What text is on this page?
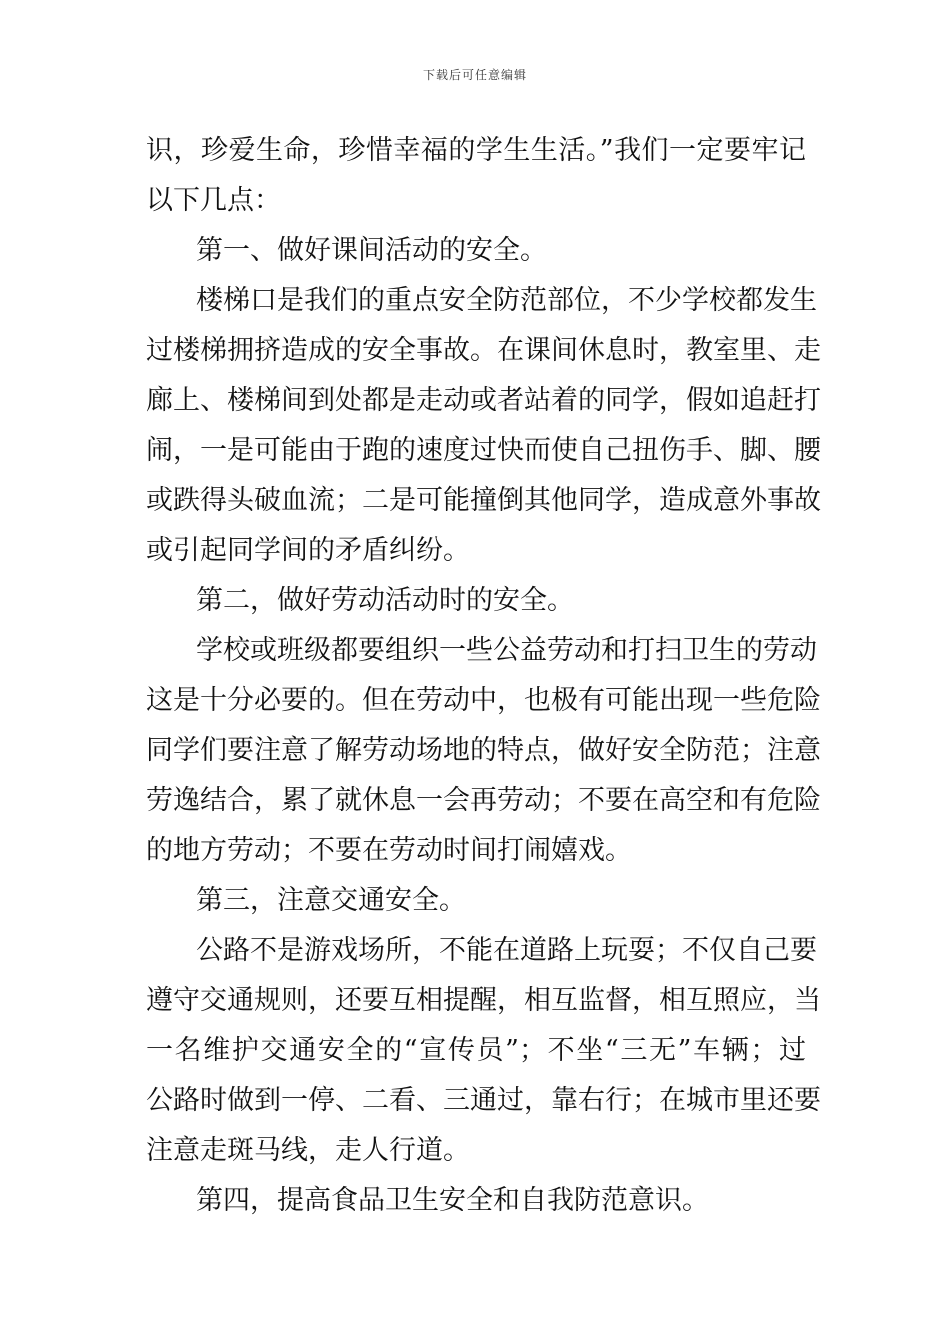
下载后可任意编辑
识，珍爱生命，珍惜幸福的学生生活。”我们一定要牢记
以下几点：
第一、做好课间活动的安全。
楼梯口是我们的重点安全防范部位，不少学校都发生
过楼梯拥挤造成的安全事故。在课间休息时，教室里、走
廊上、楼梯间到处都是走动或者站着的同学，假如追赶打
闹，一是可能由于跑的速度过快而使自己扭伤手、脚、腰
或跌得头破血流；二是可能撞倒其他同学，造成意外事故
或引起同学间的矛盾纠纷。
第二，做好劳动活动时的安全。
学校或班级都要组织一些公益劳动和打扫卫生的劳动
这是十分必要的。但在劳动中，也极有可能出现一些危险
同学们要注意了解劳动场地的特点，做好安全防范；注意
劳逸结合，累了就休息一会再劳动；不要在高空和有危险
的地方劳动；不要在劳动时间打闹嬉戏。
第三，注意交通安全。
公路不是游戏场所，不能在道路上玩耍；不仅自己要
遵守交通规则，还要互相提醒，相互监督，相互照应，当
一名维护交通安全的“宣传员”；不坐“三无”车辆；过
公路时做到一停、二看、三通过，靠右行；在城市里还要
注意走斑马线，走人行道。
第四，提高食品卫生安全和自我防范意识。
